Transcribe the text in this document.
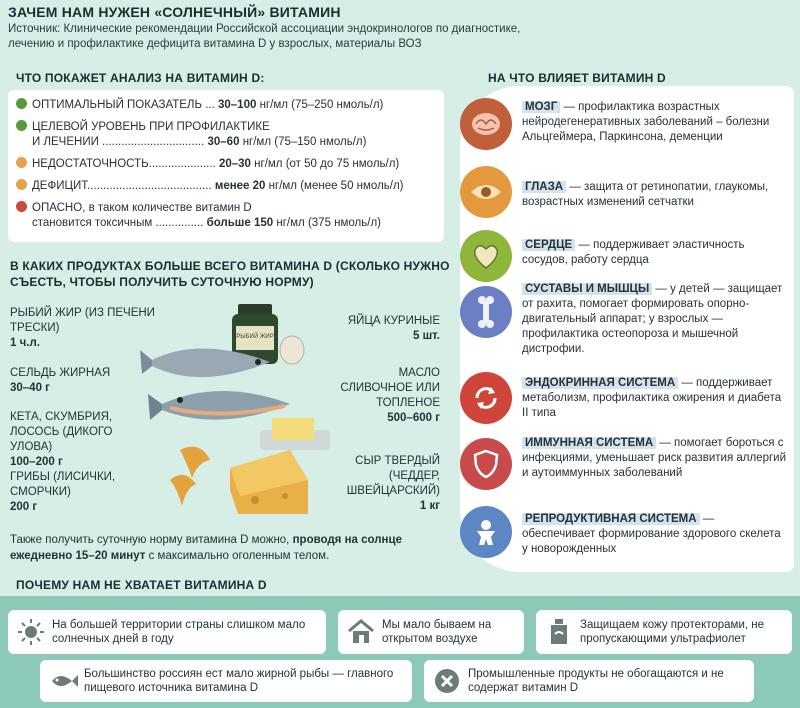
ЗАЧЕМ НАМ НУЖЕН «СОЛНЕЧНЫЙ» ВИТАМИН
Источник: Клинические рекомендации Российской ассоциации эндокринологов по диагностике, лечению и профилактике дефицита витамина D у взрослых, материалы ВОЗ
ЧТО ПОКАЖЕТ АНАЛИЗ НА ВИТАМИН D:
ОПТИМАЛЬНЫЙ ПОКАЗАТЕЛЬ ... 30–100 нг/мл (75–250 нмоль/л)
ЦЕЛЕВОЙ УРОВЕНЬ ПРИ ПРОФИЛАКТИКЕ
И ЛЕЧЕНИИ ................................ 30–60 нг/мл (75–150 нмоль/л)
НЕДОСТАТОЧНОСТЬ..................... 20–30 нг/мл (от 50 до 75 нмоль/л)
ДЕФИЦИТ....................................... менее 20 нг/мл (менее 50 нмоль/л)
ОПАСНО, в таком количестве витамин D
становится токсичным ............... больше 150 нг/мл (375 нмоль/л)
В КАКИХ ПРОДУКТАХ БОЛЬШЕ ВСЕГО ВИТАМИНА D (СКОЛЬКО НУЖНО СЪЕСТЬ, ЧТОБЫ ПОЛУЧИТЬ СУТОЧНУЮ НОРМУ)
РЫБИЙ ЖИР
РЫБИЙ ЖИР (ИЗ ПЕЧЕНИ ТРЕСКИ)
1 ч.л.
СЕЛЬДЬ ЖИРНАЯ
30–40 г
КЕТА, СКУМБРИЯ, ЛОСОСЬ (ДИКОГО УЛОВА)
100–200 г
ГРИБЫ (ЛИСИЧКИ, СМОРЧКИ)
200 г
ЯЙЦА КУРИНЫЕ
5 шт.
МАСЛО СЛИВОЧНОЕ ИЛИ ТОПЛЕНОЕ
500–600 г
СЫР ТВЕРДЫЙ (ЧЕДДЕР, ШВЕЙЦАРСКИЙ)
1 кг
Также получить суточную норму витамина D можно, проводя на солнце ежедневно 15–20 минут с максимально оголенным телом.
НА ЧТО ВЛИЯЕТ ВИТАМИН D
МОЗГ — профилактика возрастных нейродегенеративных заболеваний – болезни Альцгеймера, Паркинсона, деменции
ГЛАЗА — защита от ретинопатии, глаукомы, возрастных изменений сетчатки
СЕРДЦЕ — поддерживает эластичность сосудов, работу сердца
СУСТАВЫ И МЫШЦЫ — у детей — защищает от рахита, помогает формировать опорно-двигательный аппарат; у взрослых — профилактика остеопороза и мышечной дистрофии.
ЭНДОКРИННАЯ СИСТЕМА — поддерживает метаболизм, профилактика ожирения и диабета II типа
ИММУННАЯ СИСТЕМА — помогает бороться с инфекциями, уменьшает риск развития аллергий и аутоиммунных заболеваний
РЕПРОДУКТИВНАЯ СИСТЕМА — обеспечивает формирование здорового скелета у новорожденных
ПОЧЕМУ НАМ НЕ ХВАТАЕТ ВИТАМИНА D
На большей территории страны слишком мало солнечных дней в году
Мы мало бываем на открытом воздухе
Защищаем кожу протекторами, не пропускающими ультрафиолет
Большинство россиян ест мало жирной рыбы — главного пищевого источника витамина D
Промышленные продукты не обогащаются и не содержат витамин D
